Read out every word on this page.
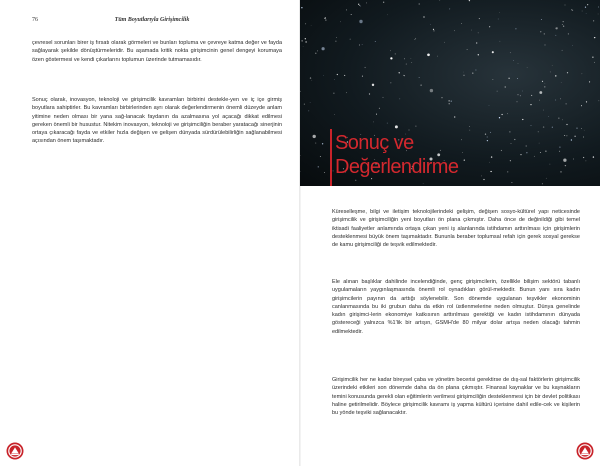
76	Tüm Boyutlarıyla Girişimcilik

çevresel sorunları birer iş fırsatı olarak görmeleri ve bunları topluma ve çevreye katma değer ve fayda sağlayarak şekilde dönüştürmeleridir. Bu aşamada kritik nokta girişimcinin genel dengeyi korumaya özen göstermesi ve kendi çıkarlarını toplumun üzerinde tutmamasıdır.

Sonuç olarak, inovasyon, teknoloji ve girişimcilik kavramları birbirini destekle-yen ve iç içe girmiş boyutlara sahiptirler. Bu kavramları birbirlerinden ayrı olarak değerlendirmenin önemli düzeyde anlam yitimine neden olması bir yana sağ-lanacak faydanın da azalmasına yol açacağı dikkat edilmesi gereken önemli bir husustur. Nitekim inovasyon, teknoloji ve girişimciliğin beraber yaratacağı sinerjinin ortaya çıkaracağı fayda ve etkiler hızla değişen ve gelişen dünyada sürdürülebilirliğin sağlanabilmesi açısından önem taşımaktadır.	Sonuç ve
Değerlendirme

Küreselleşme, bilgi ve iletişim teknolojilerindeki gelişim, değişen sosyo-kültürel yapı neticesinde girişimcilik ve girişimciliğin yeni boyutları ön plana çıkmıştır. Daha önce de değinildiği gibi temel iktisadi faaliyetler anlamında ortaya çıkan yeni iş alanlarında istihdamın arttırılması için girişimlerin desteklenmesi büyük önem taşımaktadır. Bununla beraber toplumsal refah için gerek sosyal gerekse de kamu girişimciliği de teşvik edilmektedir.

Ele alınan başlıklar dahilinde incelendiğinde, genç girişimcilerin, özellikle bilişim sektörü tabanlı uygulamaların yaygınlaşmasında önemli rol oynadıkları görül-mektedir. Bunun yanı sıra kadın girişimcilerin payının da arttığı söylenebilir. Son dönemde uygulanan teşvikler ekonominin canlanmasında bu iki grubun daha da etkin rol üstlenmelerine neden olmuştur. Dünya genelinde kadın girişimci-lerin ekonomiye katkısının arttırılması gerektiği ve kadın istihdamının dünyada göstereceği yalnızca %1'lik bir artışın, GSMH'de 80 milyar dolar artışa neden olacağı tahmin edilmektedir.

Girişimcilik her ne kadar bireysel çaba ve yönetim becerisi gerektirse de dış-sal faktörlerin girişimcilik üzerindeki etkileri son dönemde daha da ön plana çıkmıştır. Finansal kaynaklar ve bu kaynakların temini konusunda gerekli olan eğitimlerin verilmesi girişimciliğin desteklenmesi için bir devlet politikası haline getirilmelidir. Böylece girişimcilik kavramı iş yapma kültürü içerisine dahil edile-cek ve kişilerin bu yönde teşviki sağlanacaktır.
